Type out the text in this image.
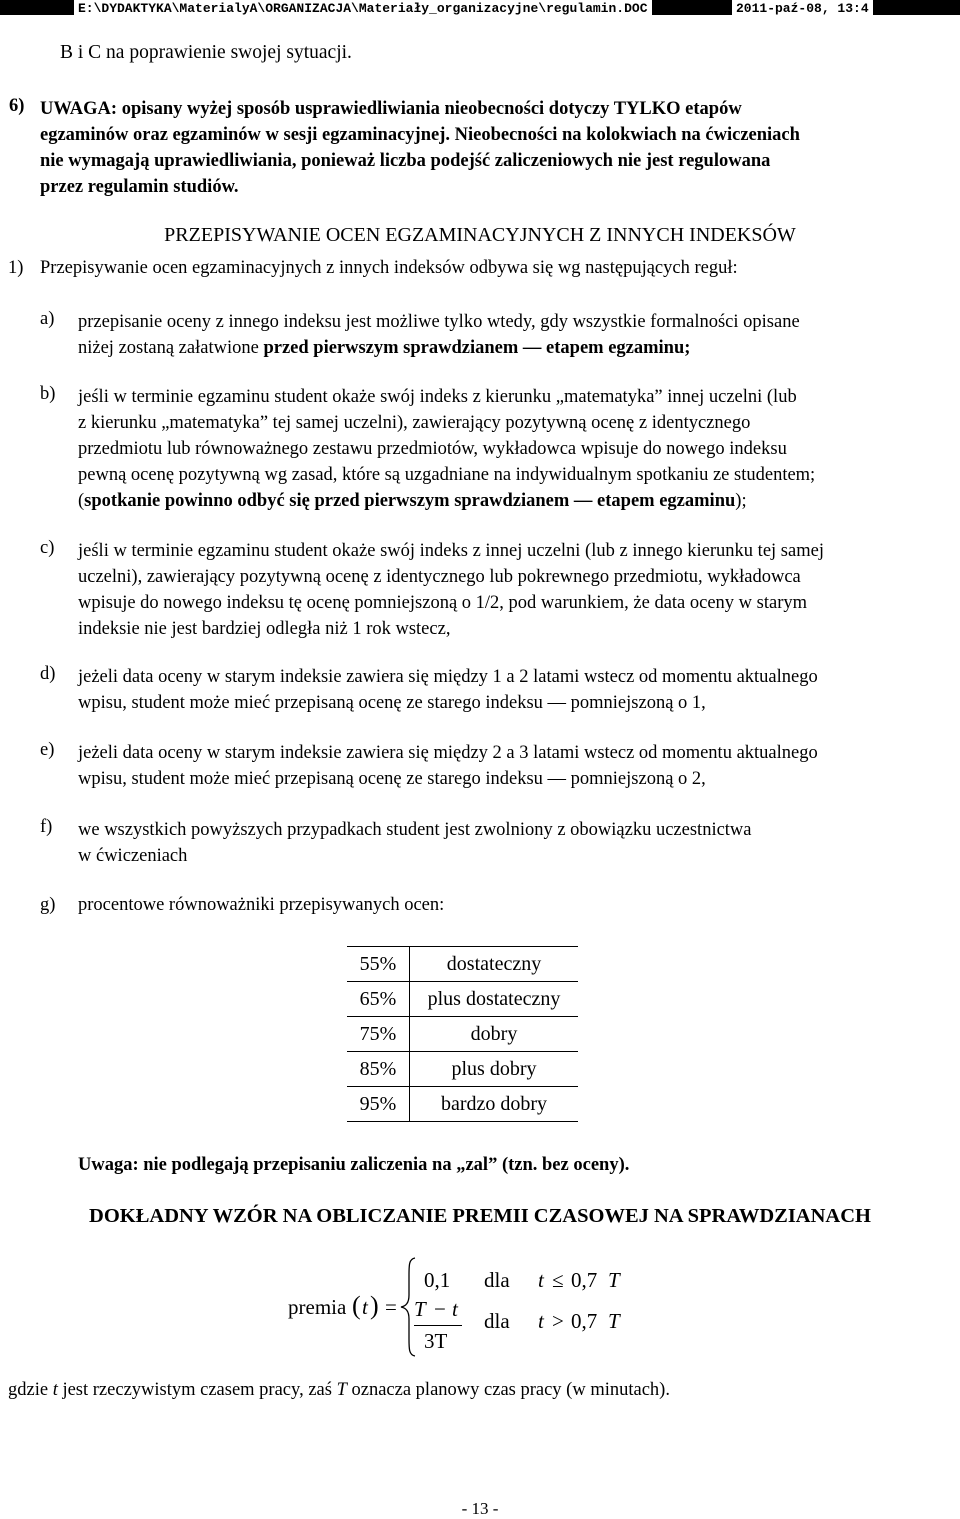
E:\DYDAKTYKA\MaterialyA\ORGANIZACJA\Materiały_organizacyjne\regulamin.DOC	2011-paź-08, 13:4
B i C na poprawienie swojej sytuacji.
6) UWAGA: opisany wyżej sposób usprawiedliwiania nieobecności dotyczy TYLKO etapów
egzaminów oraz egzaminów w sesji egzaminacyjnej. Nieobecności na kolokwiach na ćwiczeniach
nie wymagają uprawiedliwiania, ponieważ liczba podejść zaliczeniowych nie jest regulowana
przez regulamin studiów.
PRZEPISYWANIE OCEN EGZAMINACYJNYCH Z INNYCH INDEKSÓW
1) Przepisywanie ocen egzaminacyjnych z innych indeksów odbywa się wg następujących reguł:
a) przepisanie oceny z innego indeksu jest możliwe tylko wtedy, gdy wszystkie formalności opisane
niżej zostaną załatwione przed pierwszym sprawdzianem — etapem egzaminu;
b) jeśli w terminie egzaminu student okaże swój indeks z kierunku „matematyka” innej uczelni (lub
z kierunku „matematyka” tej samej uczelni), zawierający pozytywną ocenę z identycznego
przedmiotu lub równoważnego zestawu przedmiotów, wykładowca wpisuje do nowego indeksu
pewną ocenę pozytywną wg zasad, które są uzgadniane na indywidualnym spotkaniu ze studentem;
(spotkanie powinno odbyć się przed pierwszym sprawdzianem — etapem egzaminu);
c) jeśli w terminie egzaminu student okaże swój indeks z innej uczelni (lub z innego kierunku tej samej
uczelni), zawierający pozytywną ocenę z identycznego lub pokrewnego przedmiotu, wykładowca
wpisuje do nowego indeksu tę ocenę pomniejszoną o 1/2, pod warunkiem, że data oceny w starym
indeksie nie jest bardziej odległa niż 1 rok wstecz,
d) jeżeli data oceny w starym indeksie zawiera się między 1 a 2 latami wstecz od momentu aktualnego
wpisu, student może mieć przepisaną ocenę ze starego indeksu — pomniejszoną o 1,
e) jeżeli data oceny w starym indeksie zawiera się między 2 a 3 latami wstecz od momentu aktualnego
wpisu, student może mieć przepisaną ocenę ze starego indeksu — pomniejszoną o 2,
f) we wszystkich powyższych przypadkach student jest zwolniony z obowiązku uczestnictwa
w ćwiczeniach
g) procentowe równoważniki przepisywanych ocen:
55%	dostateczny
65%	plus dostateczny
75%	dobry
85%	plus dobry
95%	bardzo dobry
Uwaga: nie podlegają przepisaniu zaliczenia na „zal” (tzn. bez oceny).
DOKŁADNY WZÓR NA OBLICZANIE PREMII CZASOWEJ NA SPRAWDZIANACH
premia ( t ) =
0,1 dla t ≤ 0,7 T
T − t
3T
dla t > 0,7 T
gdzie t jest rzeczywistym czasem pracy, zaś T oznacza planowy czas pracy (w minutach).
- 13 -
